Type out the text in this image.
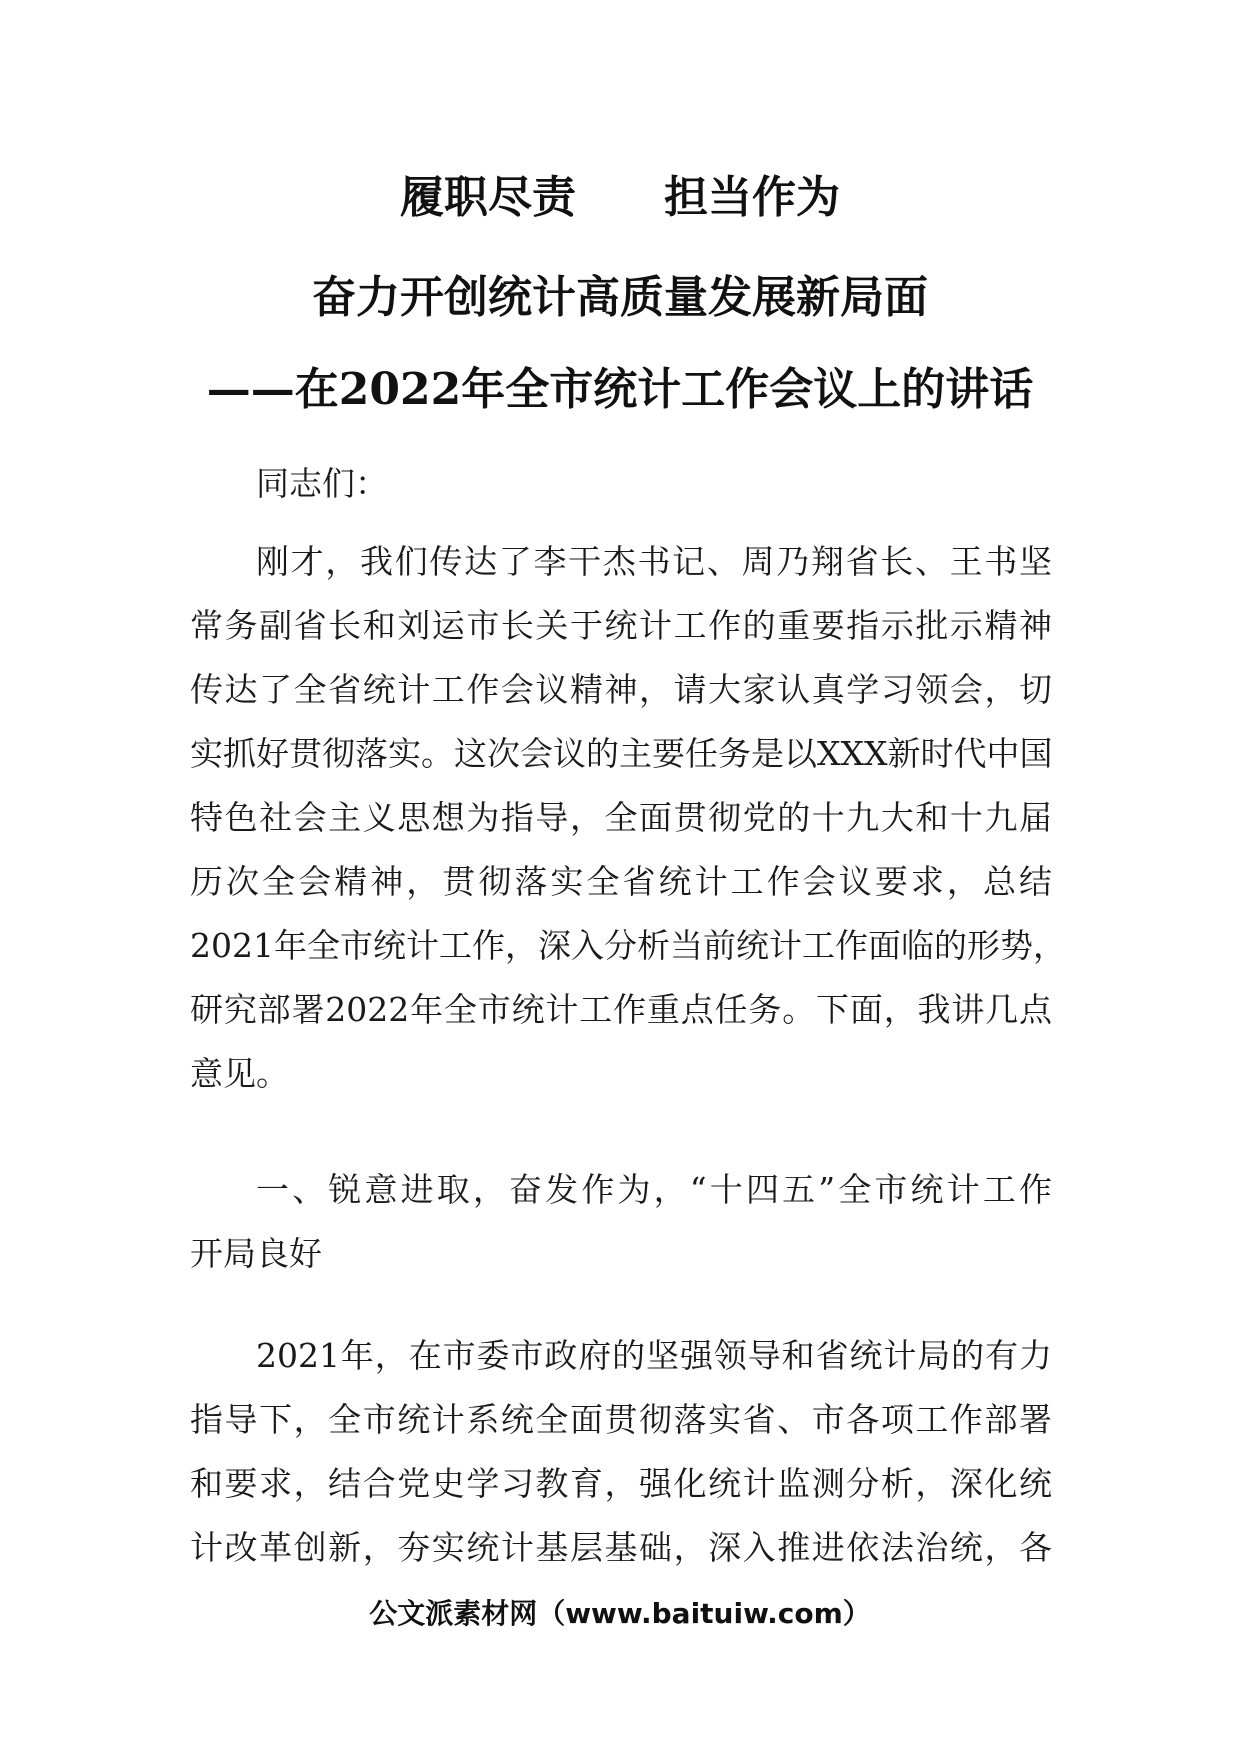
履职尽责 担当作为
奋力开创统计高质量发展新局面
——在2022年全市统计工作会议上的讲话
同志们：
刚才，我们传达了李干杰书记、周乃翔省长、王书坚
常务副省长和刘运市长关于统计工作的重要指示批示精神
传达了全省统计工作会议精神，请大家认真学习领会，切
实抓好贯彻落实。这次会议的主要任务是以XXX新时代中国
特色社会主义思想为指导，全面贯彻党的十九大和十九届
历次全会精神，贯彻落实全省统计工作会议要求，总结
2021年全市统计工作，深入分析当前统计工作面临的形势，
研究部署2022年全市统计工作重点任务。下面，我讲几点
意见。
一、锐意进取，奋发作为，“十四五”全市统计工作
开局良好
2021年，在市委市政府的坚强领导和省统计局的有力
指导下，全市统计系统全面贯彻落实省、市各项工作部署
和要求，结合党史学习教育，强化统计监测分析，深化统
计改革创新，夯实统计基层基础，深入推进依法治统，各
公文派素材网（www.baituiw.com）
